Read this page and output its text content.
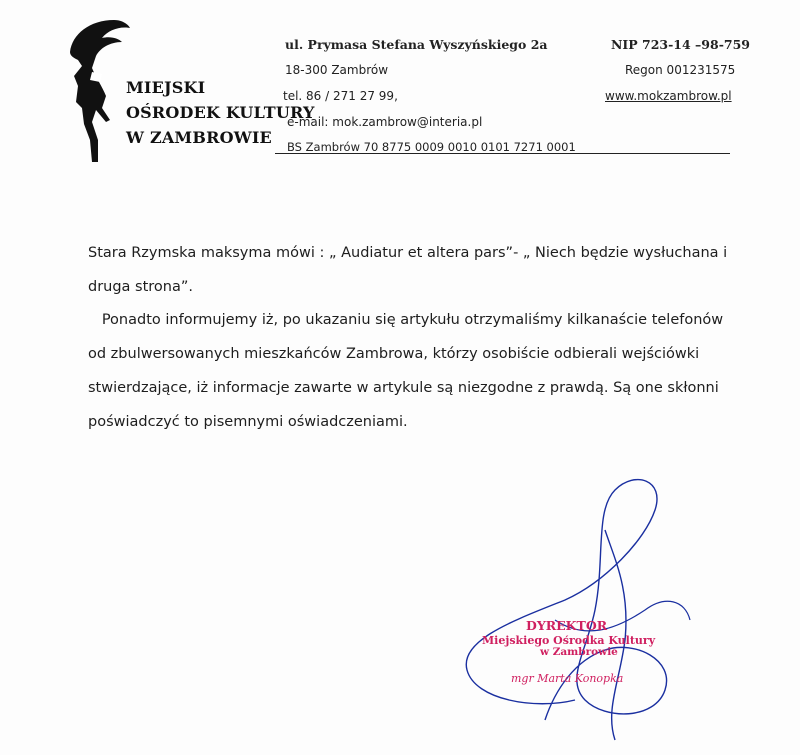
MIEJSKI
OŚRODEK KULTURY
W ZAMBROWIE
ul. Prymasa Stefana Wyszyńskiego 2a
18-300 Zambrów
tel. 86 / 271 27 99,
e-mail: mok.zambrow@interia.pl
BS Zambrów 70 8775 0009 0010 0101 7271 0001
NIP 723-14 –98-759
Regon 001231575
www.mokzambrow.pl
Stara Rzymska maksyma mówi : „ Audiatur et altera pars”- „ Niech będzie wysłuchana i
druga strona”.
Ponadto informujemy iż, po ukazaniu się artykułu otrzymaliśmy kilkanaście telefonów
od zbulwersowanych mieszkańców Zambrowa, którzy osobiście odbierali wejściówki
stwierdzające, iż informacje zawarte w artykule są niezgodne z prawdą. Są one skłonni
poświadczyć to pisemnymi oświadczeniami.
DYREKTOR
Miejskiego Ośrodka Kultury
w Zambrowie
mgr Marta Konopka
